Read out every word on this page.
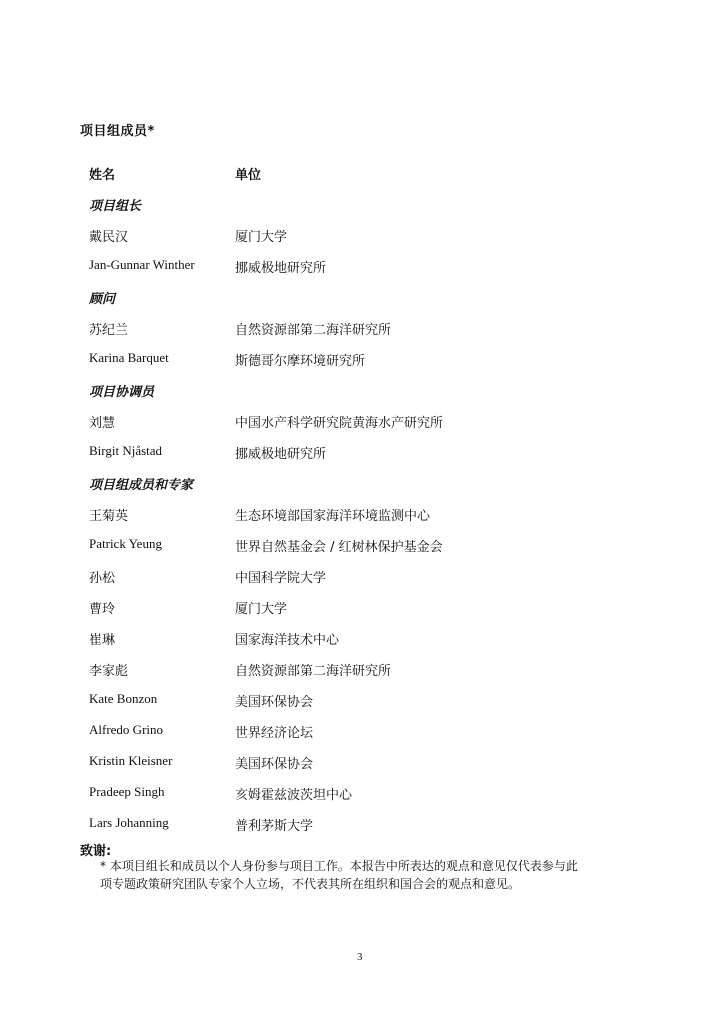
项目组成员*
姓名	单位
项目组长
戴民汉	厦门大学
Jan-Gunnar Winther	挪威极地研究所
顾问
苏纪兰	自然资源部第二海洋研究所
Karina Barquet	斯德哥尔摩环境研究所
项目协调员
刘慧	中国水产科学研究院黄海水产研究所
Birgit Njåstad	挪威极地研究所
项目组成员和专家
王菊英	生态环境部国家海洋环境监测中心
Patrick Yeung	世界自然基金会 / 红树林保护基金会
孙松	中国科学院大学
曹玲	厦门大学
崔琳	国家海洋技术中心
李家彪	自然资源部第二海洋研究所
Kate Bonzon	美国环保协会
Alfredo Grino	世界经济论坛
Kristin Kleisner	美国环保协会
Pradeep Singh	亥姆霍兹波茨坦中心
Lars Johanning	普利茅斯大学
致谢:
* 本项目组长和成员以个人身份参与项目工作。本报告中所表达的观点和意见仅代表参与此
项专题政策研究团队专家个人立场，不代表其所在组织和国合会的观点和意见。
3
